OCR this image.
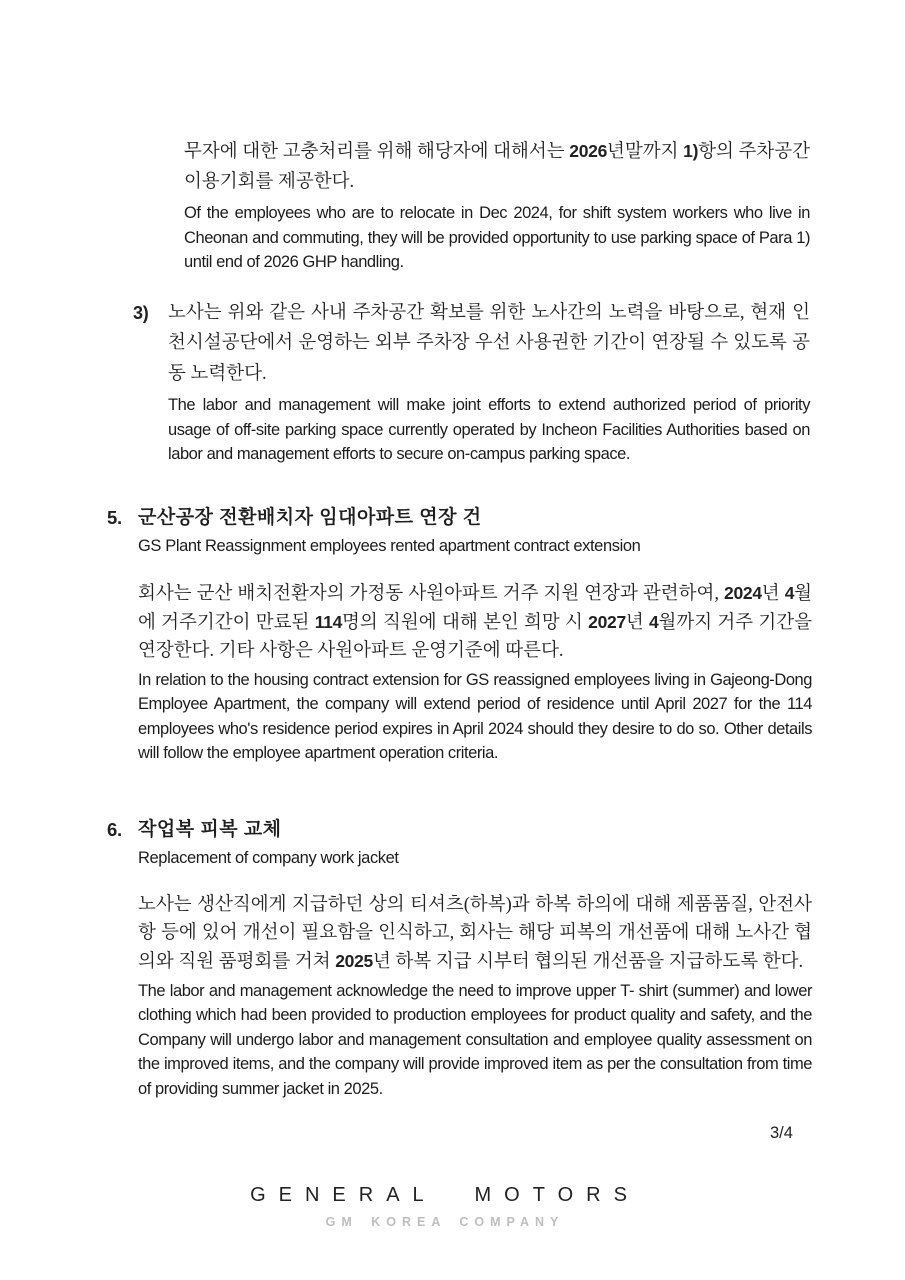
무자에 대한 고충처리를 위해 해당자에 대해서는 2026년말까지 1)항의 주차공간 이용기회를 제공한다.

Of the employees who are to relocate in Dec 2024, for shift system workers who live in Cheonan and commuting, they will be provided opportunity to use parking space of Para 1) until end of 2026 GHP handling.

3)	노사는 위와 같은 사내 주차공간 확보를 위한 노사간의 노력을 바탕으로, 현재 인천시설공단에서 운영하는 외부 주차장 우선 사용권한 기간이 연장될 수 있도록 공동 노력한다.

The labor and management will make joint efforts to extend authorized period of priority usage of off-site parking space currently operated by Incheon Facilities Authorities based on labor and management efforts to secure on-campus parking space.

5. 군산공장 전환배치자 임대아파트 연장 건

GS Plant Reassignment employees rented apartment contract extension

회사는 군산 배치전환자의 가정동 사원아파트 거주 지원 연장과 관련하여, 2024년 4월에 거주기간이 만료된 114명의 직원에 대해 본인 희망 시 2027년 4월까지 거주 기간을 연장한다. 기타 사항은 사원아파트 운영기준에 따른다.

In relation to the housing contract extension for GS reassigned employees living in Gajeong-Dong Employee Apartment, the company will extend period of residence until April 2027 for the 114 employees who's residence period expires in April 2024 should they desire to do so. Other details will follow the employee apartment operation criteria.

6. 작업복 피복 교체

Replacement of company work jacket

노사는 생산직에게 지급하던 상의 티셔츠(하복)과 하복 하의에 대해 제품품질, 안전사항 등에 있어 개선이 필요함을 인식하고, 회사는 해당 피복의 개선품에 대해 노사간 협의와 직원 품평회를 거쳐 2025년 하복 지급 시부터 협의된 개선품을 지급하도록 한다.

The labor and management acknowledge the need to improve upper T- shirt (summer) and lower clothing which had been provided to production employees for product quality and safety, and the Company will undergo labor and management consultation and employee quality assessment on the improved items, and the company will provide improved item as per the consultation from time of providing summer jacket in 2025.

3/4
GENERAL MOTORS
GM KOREA COMPANY
